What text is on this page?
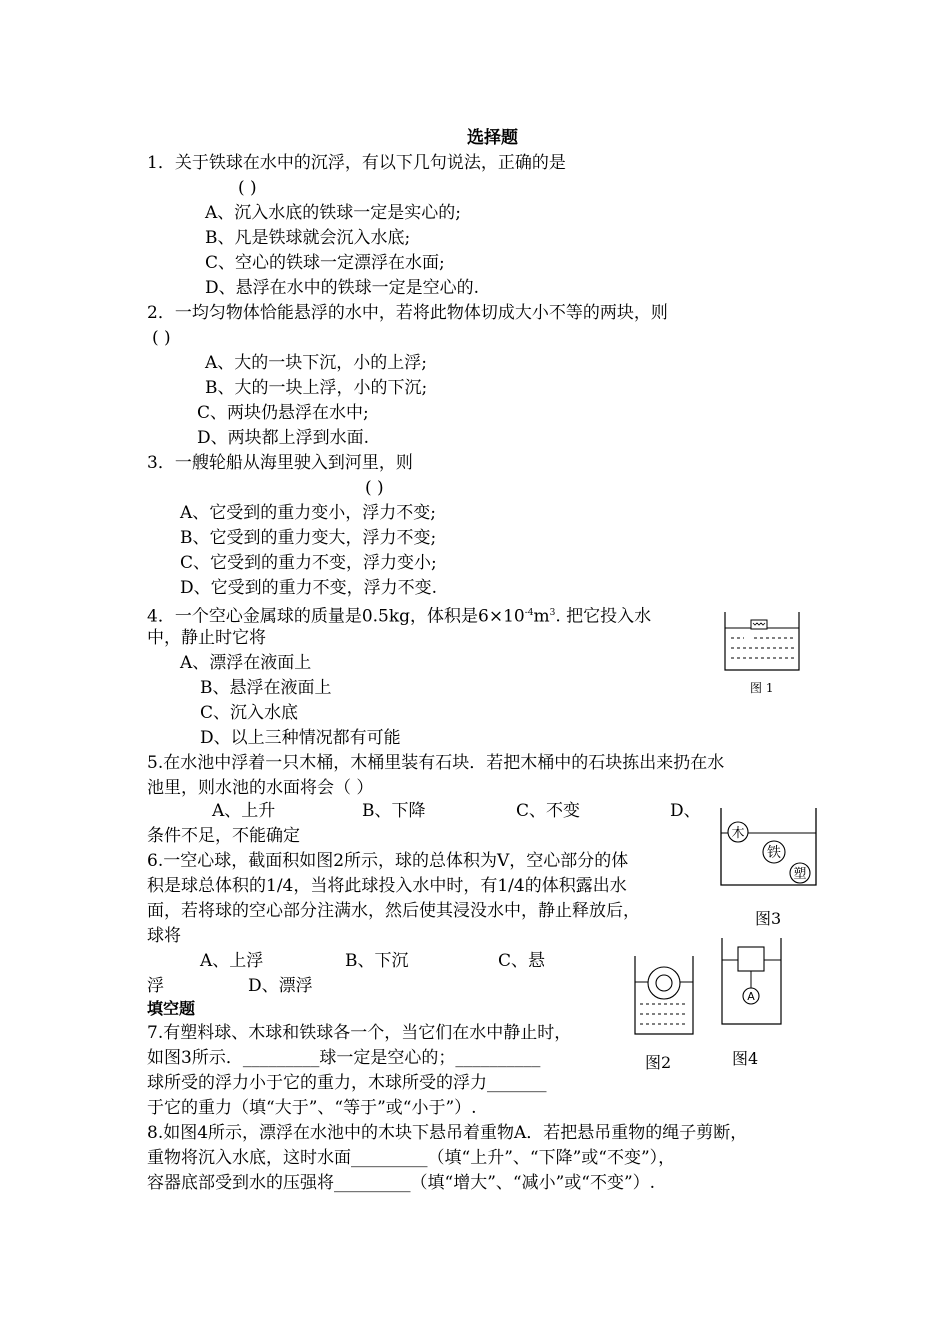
选择题
1．关于铁球在水中的沉浮，有以下几句说法，正确的是
( )
A、沉入水底的铁球一定是实心的;
B、凡是铁球就会沉入水底;
C、空心的铁球一定漂浮在水面;
D、悬浮在水中的铁球一定是空心的.
2．一均匀物体恰能悬浮的水中，若将此物体切成大小不等的两块，则
( )
A、大的一块下沉，小的上浮;
B、大的一块上浮，小的下沉;
C、两块仍悬浮在水中;
D、两块都上浮到水面.
3．一艘轮船从海里驶入到河里，则
( )
A、它受到的重力变小，浮力不变;
B、它受到的重力变大，浮力不变;
C、它受到的重力不变，浮力变小;
D、它受到的重力不变，浮力不变.
4．一个空心金属球的质量是0.5kg，体积是$6\times 10^{-4}m^3$. 把它投入水
中，静止时它将
A、漂浮在液面上
B、悬浮在液面上
C、沉入水底
D、以上三种情况都有可能
图 1
5.在水池中浮着一只木桶，木桶里装有石块．若把木桶中的石块拣出来扔在水
池里，则水池的水面将会（ ）
A、上升	B、下降	C、不变	D、
条件不足，不能确定	木
铁
塑
图3
6.一空心球，截面积如图2所示，球的总体积为V，空心部分的体
积是球总体积的1/4，当将此球投入水中时，有1/4的体积露出水
面，若将球的空心部分注满水，然后使其浸没水中，静止释放后，
球将
A、上浮	B、下沉	C、悬
浮	D、漂浮
图2
A
图4
填空题
7.有塑料球、木球和铁球各一个，当它们在水中静止时，
如图3所示．_________球一定是空心的；__________
球所受的浮力小于它的重力，木球所受的浮力_______
于它的重力（填“大于”、“等于”或“小于”）.
8.如图4所示，漂浮在水池中的木块下悬吊着重物A．若把悬吊重物的绳子剪断，
重物将沉入水底，这时水面_________（填“上升”、“下降”或“不变”），
容器底部受到水的压强将_________（填“增大”、“减小”或“不变”）.
